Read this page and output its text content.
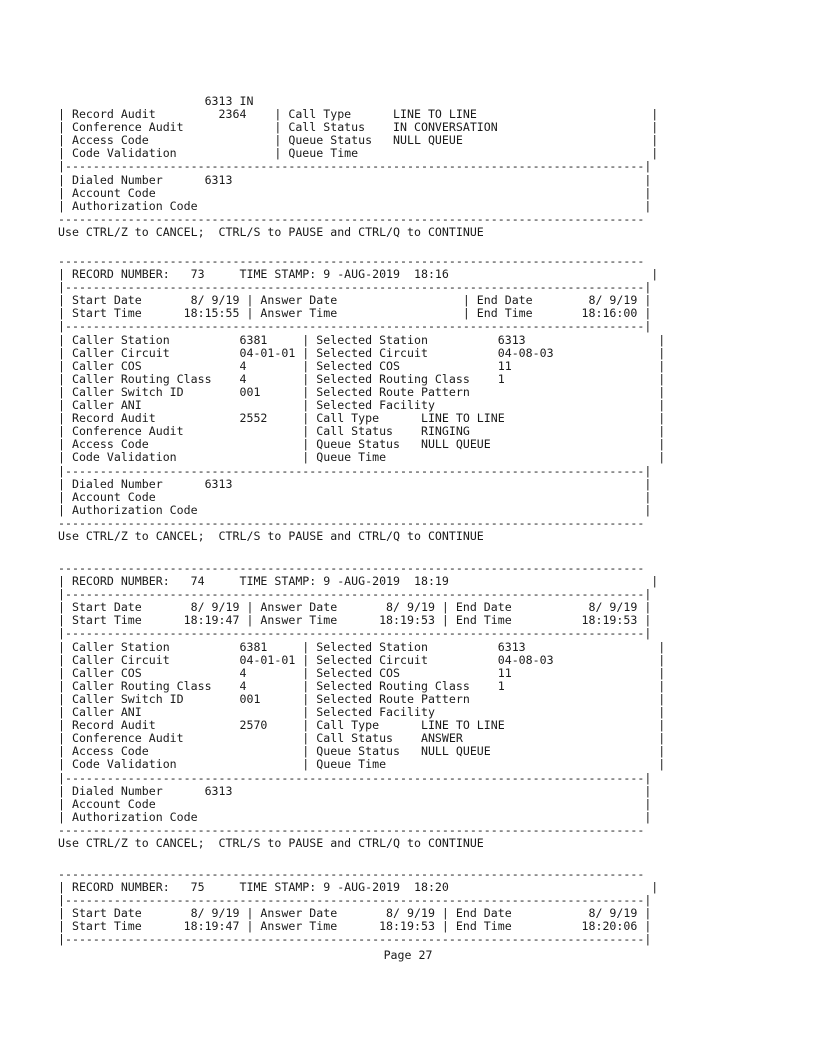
6313 IN
| Record Audit         2364    | Call Type      LINE TO LINE                         |
| Conference Audit             | Call Status    IN CONVERSATION                      |
| Access Code                  | Queue Status   NULL QUEUE                           |
| Code Validation              | Queue Time                                          |
|-----------------------------------------------------------------------------------|
| Dialed Number      6313                                                           |
| Account Code                                                                      |
| Authorization Code                                                                |
------------------------------------------------------------------------------------
Use CTRL/Z to CANCEL;  CTRL/S to PAUSE and CTRL/Q to CONTINUE
------------------------------------------------------------------------------------
| RECORD NUMBER:   73     TIME STAMP: 9 -AUG-2019  18:16                             |
|-----------------------------------------------------------------------------------|
| Start Date       8/ 9/19 | Answer Date                  | End Date        8/ 9/19 |
| Start Time      18:15:55 | Answer Time                  | End Time       18:16:00 |
|-----------------------------------------------------------------------------------|
| Caller Station          6381     | Selected Station          6313                   |
| Caller Circuit          04-01-01 | Selected Circuit          04-08-03               |
| Caller COS              4        | Selected COS              11                     |
| Caller Routing Class    4        | Selected Routing Class    1                      |
| Caller Switch ID        001      | Selected Route Pattern                           |
| Caller ANI                       | Selected Facility                                |
| Record Audit            2552     | Call Type      LINE TO LINE                      |
| Conference Audit                 | Call Status    RINGING                           |
| Access Code                      | Queue Status   NULL QUEUE                        |
| Code Validation                  | Queue Time                                       |
|-----------------------------------------------------------------------------------|
| Dialed Number      6313                                                           |
| Account Code                                                                      |
| Authorization Code                                                                |
------------------------------------------------------------------------------------
Use CTRL/Z to CANCEL;  CTRL/S to PAUSE and CTRL/Q to CONTINUE
------------------------------------------------------------------------------------
| RECORD NUMBER:   74     TIME STAMP: 9 -AUG-2019  18:19                             |
|-----------------------------------------------------------------------------------|
| Start Date       8/ 9/19 | Answer Date       8/ 9/19 | End Date           8/ 9/19 |
| Start Time      18:19:47 | Answer Time      18:19:53 | End Time          18:19:53 |
|-----------------------------------------------------------------------------------|
| Caller Station          6381     | Selected Station          6313                   |
| Caller Circuit          04-01-01 | Selected Circuit          04-08-03               |
| Caller COS              4        | Selected COS              11                     |
| Caller Routing Class    4        | Selected Routing Class    1                      |
| Caller Switch ID        001      | Selected Route Pattern                           |
| Caller ANI                       | Selected Facility                                |
| Record Audit            2570     | Call Type      LINE TO LINE                      |
| Conference Audit                 | Call Status    ANSWER                            |
| Access Code                      | Queue Status   NULL QUEUE                        |
| Code Validation                  | Queue Time                                       |
|-----------------------------------------------------------------------------------|
| Dialed Number      6313                                                           |
| Account Code                                                                      |
| Authorization Code                                                                |
------------------------------------------------------------------------------------
Use CTRL/Z to CANCEL;  CTRL/S to PAUSE and CTRL/Q to CONTINUE
------------------------------------------------------------------------------------
| RECORD NUMBER:   75     TIME STAMP: 9 -AUG-2019  18:20                             |
|-----------------------------------------------------------------------------------|
| Start Date       8/ 9/19 | Answer Date       8/ 9/19 | End Date           8/ 9/19 |
| Start Time      18:19:47 | Answer Time      18:19:53 | End Time          18:20:06 |
|-----------------------------------------------------------------------------------|
Page 27
